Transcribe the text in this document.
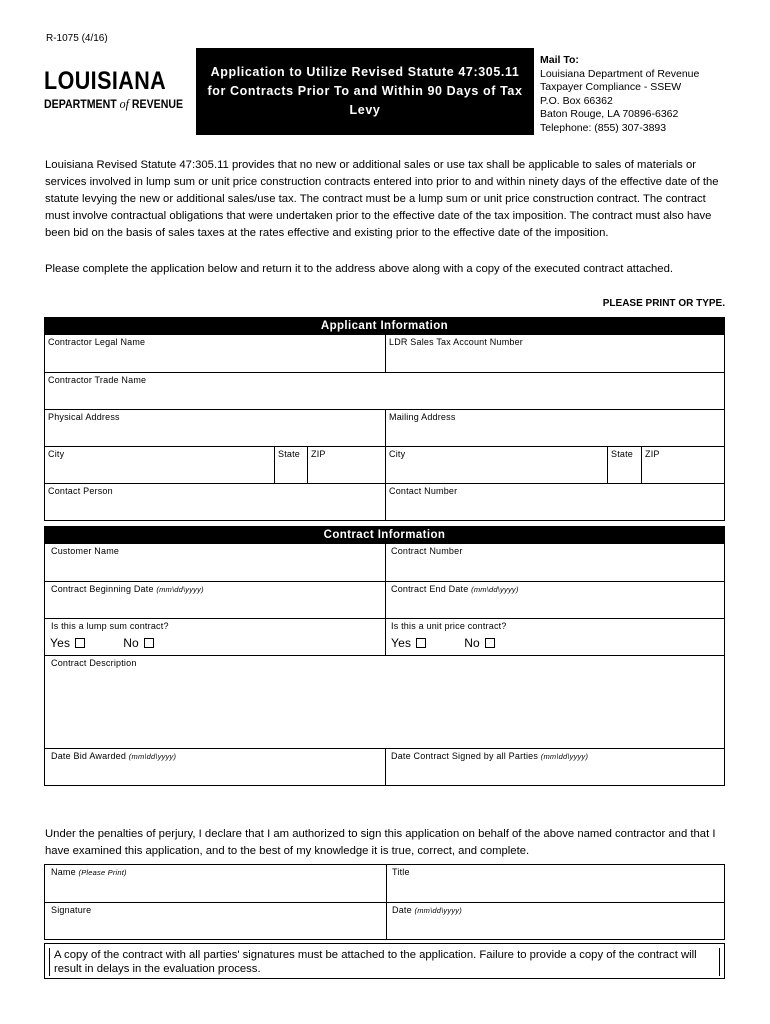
R-1075 (4/16)
LOUISIANA
DEPARTMENT of REVENUE
Application to Utilize Revised Statute 47:305.11 for Contracts Prior To and Within 90 Days of Tax Levy
Mail To:
Louisiana Department of Revenue
Taxpayer Compliance - SSEW
P.O. Box 66362
Baton Rouge, LA 70896-6362
Telephone: (855) 307-3893
Louisiana Revised Statute 47:305.11 provides that no new or additional sales or use tax shall be applicable to sales of materials or services involved in lump sum or unit price construction contracts entered into prior to and within ninety days of the effective date of the statute levying the new or additional sales/use tax. The contract must be a lump sum or unit price construction contract. The contract must involve contractual obligations that were undertaken prior to the effective date of the tax imposition. The contract must also have been bid on the basis of sales taxes at the rates effective and existing prior to the effective date of the imposition.
Please complete the application below and return it to the address above along with a copy of the executed contract attached.
PLEASE PRINT OR TYPE.
Applicant Information
Contractor Legal Name	LDR Sales Tax Account Number
Contractor Trade Name
Physical Address	Mailing Address
City	State	ZIP	City	State	ZIP
Contact Person	Contact Number
Contract Information
Customer Name	Contract Number
Contract Beginning Date (mm\dd\yyyy)	Contract End Date (mm\dd\yyyy)
Is this a lump sum contract?
Yes	No
Is this a unit price contract?
Yes	No
Contract Description
Date Bid Awarded (mm\dd\yyyy)	Date Contract Signed by all Parties (mm\dd\yyyy)
Under the penalties of perjury, I declare that I am authorized to sign this application on behalf of the above named contractor and that I have examined this application, and to the best of my knowledge it is true, correct, and complete.
Name (Please Print)	Title
Signature	Date (mm\dd\yyyy)
A copy of the contract with all parties' signatures must be attached to the application. Failure to provide a copy of the contract will result in delays in the evaluation process.
